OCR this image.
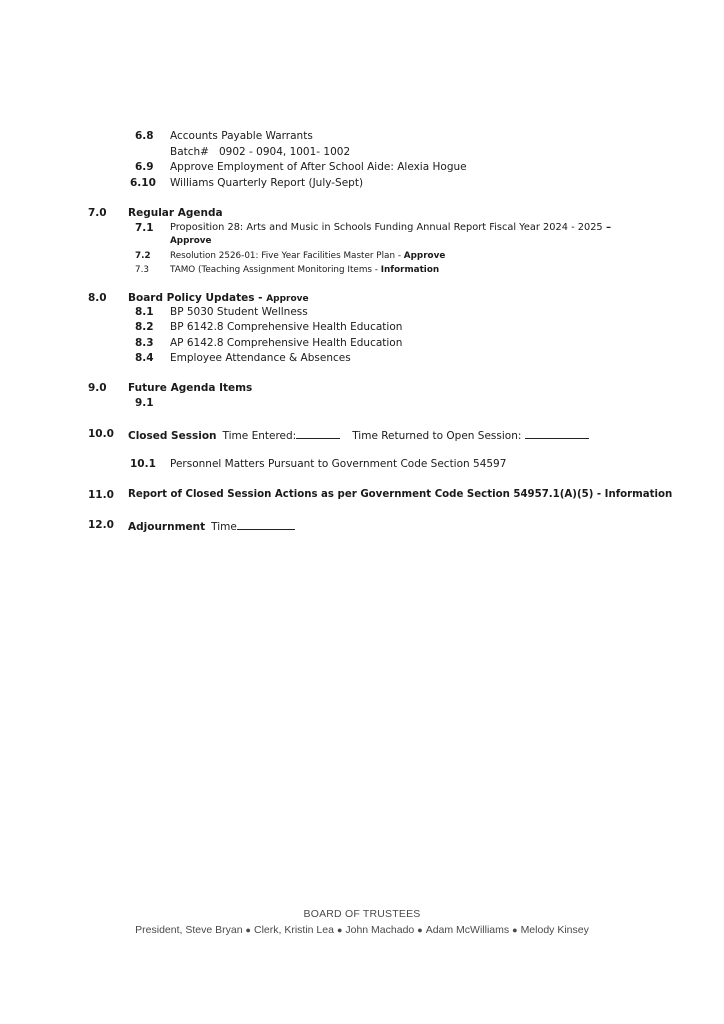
6.8 Accounts Payable Warrants
Batch#   0902 - 0904, 1001- 1002
6.9 Approve Employment of After School Aide: Alexia Hogue
6.10 Williams Quarterly Report (July-Sept)
7.0 Regular Agenda
7.1 Proposition 28: Arts and Music in Schools Funding Annual Report Fiscal Year 2024 - 2025 –
Approve
7.2 Resolution 2526-01: Five Year Facilities Master Plan - Approve
7.3 TAMO (Teaching Assignment Monitoring Items - Information
8.0 Board Policy Updates - Approve
8.1 BP 5030 Student Wellness
8.2 BP 6142.8 Comprehensive Health Education
8.3 AP 6142.8 Comprehensive Health Education
8.4 Employee Attendance & Absences
9.0 Future Agenda Items
9.1
10.0 Closed Session Time Entered:	Time Returned to Open Session:
10.1 Personnel Matters Pursuant to Government Code Section 54597
11.0 Report of Closed Session Actions as per Government Code Section 54957.1(A)(5) - Information
12.0 Adjournment Time
BOARD OF TRUSTEES
President, Steve Bryan ● Clerk, Kristin Lea ● John Machado ● Adam McWilliams ● Melody Kinsey
